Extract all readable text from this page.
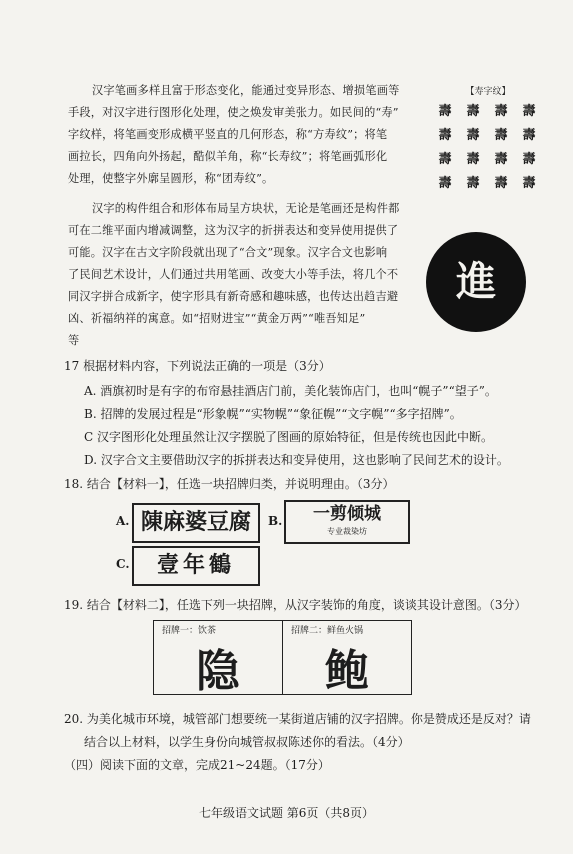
汉字笔画多样且富于形态变化，能通过变异形态、增损笔画等

手段，对汉字进行图形化处理，使之焕发审美张力。如民间的“寿”

字纹样，将笔画变形成横平竖直的几何形态，称“方寿纹”；将笔

画拉长，四角向外扬起，酷似羊角，称“长寿纹”；将笔画弧形化

处理，使整字外廓呈圆形，称“团寿纹”。

汉字的构件组合和形体布局呈方块状，无论是笔画还是构件都

可在二维平面内增减调整，这为汉字的折拼表达和变异使用提供了

可能。汉字在古文字阶段就出现了“合文”现象。汉字合文也影响

了民间艺术设计，人们通过共用笔画、改变大小等手法，将几个不

同汉字拼合成新字，使字形具有新奇感和趣味感，也传达出趋吉避

凶、祈福纳祥的寓意。如“招财进宝”“黄金万两”“唯吾知足”

等

【寿字纹】
壽 壽 壽 壽
壽 壽 壽 壽
壽 壽 壽 壽
壽 壽 壽 壽
進

17 根据材料内容，下列说法正确的一项是（3分）

A. 酒旗初时是有字的布帘悬挂酒店门前，美化装饰店门，也叫“幌子”“望子”。

B. 招牌的发展过程是“形象幌”“实物幌”“象征幌”“文字幌”“多字招牌”。

C 汉字图形化处理虽然让汉字摆脱了图画的原始特征，但是传统也因此中断。

D. 汉字合文主要借助汉字的拆拼表达和变异使用，这也影响了民间艺术的设计。

18. 结合【材料一】，任选一块招牌归类，并说明理由。（3分）

A. 陳麻婆豆腐	B.	一剪倾城
专业裁染坊
C.	壹年鶴

19. 结合【材料二】，任选下列一块招牌，从汉字装饰的角度，谈谈其设计意图。（3分）

招牌一：饮茶
隐
招牌二：鲜鱼火锅
鲍

20. 为美化城市环境，城管部门想要统一某街道店铺的汉字招牌。你是赞成还是反对？请

结合以上材料，以学生身份向城管叔叔陈述你的看法。（4分）

（四）阅读下面的文章，完成21~24题。（17分）

七年级语文试题 第6页（共8页）
